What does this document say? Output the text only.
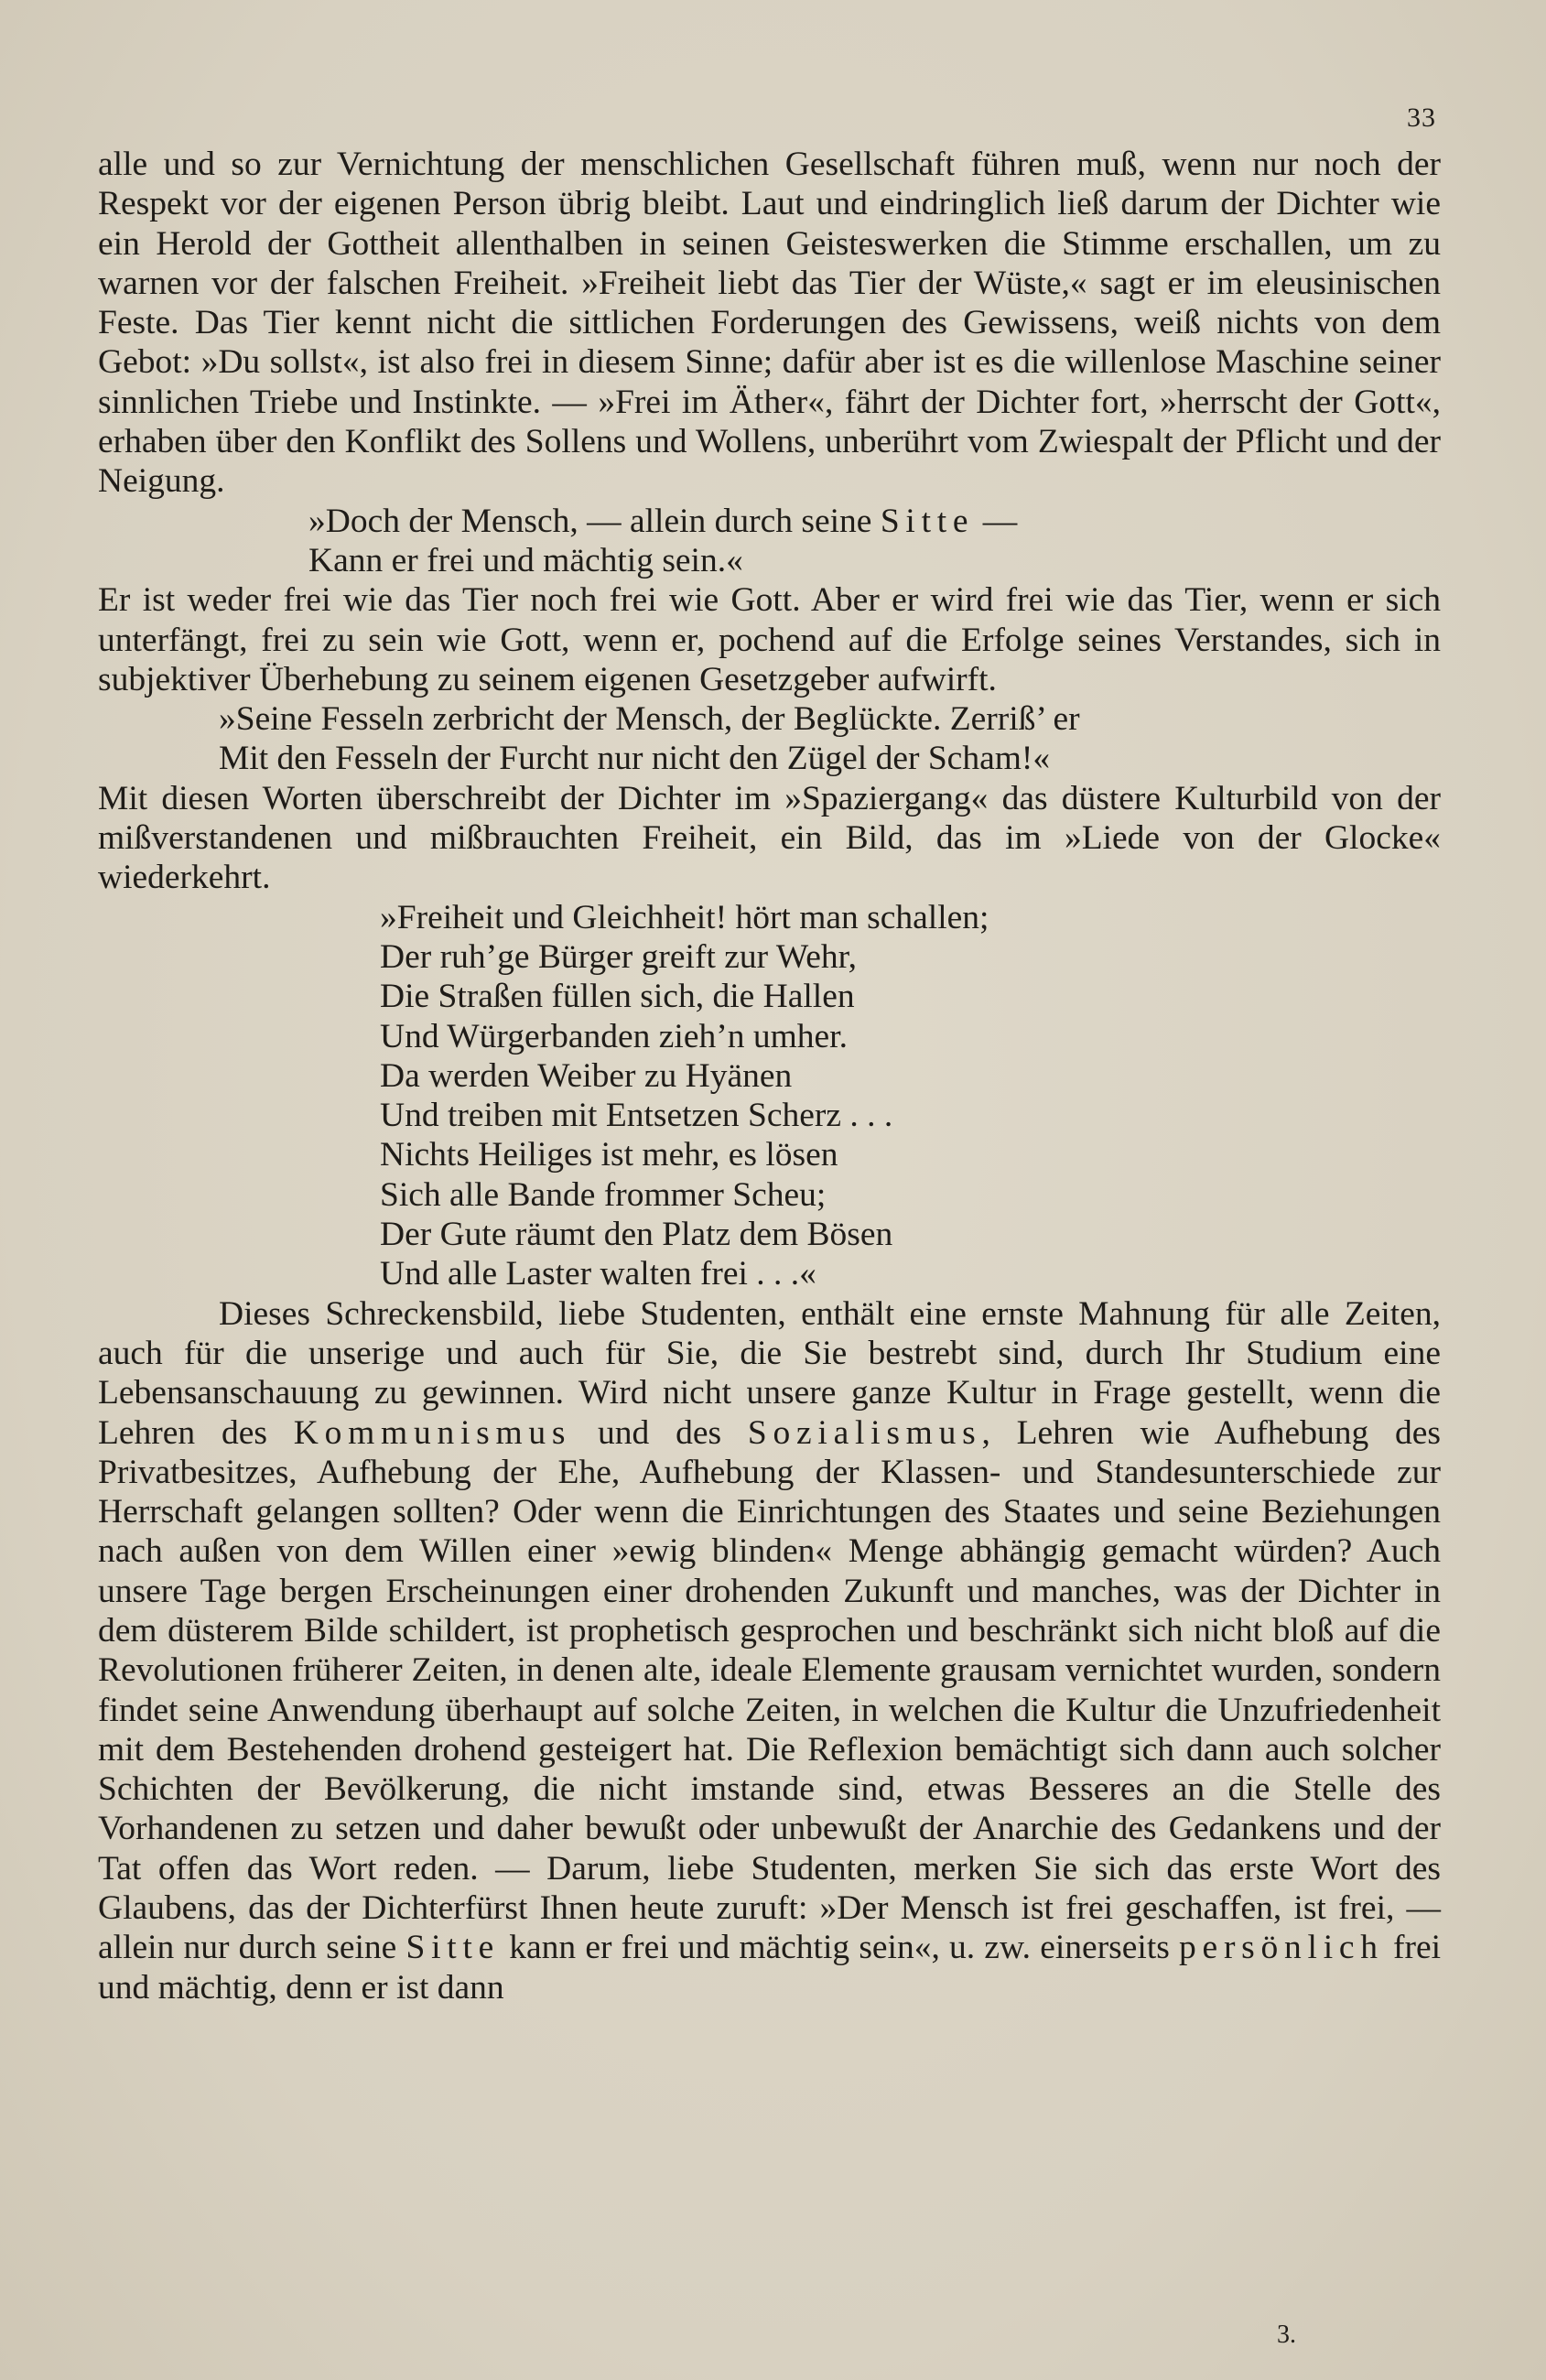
33

alle und so zur Vernichtung der menschlichen Gesellschaft führen muß, wenn nur noch der Respekt vor der eigenen Person übrig bleibt. Laut und eindringlich ließ darum der Dichter wie ein Herold der Gottheit allenthalben in seinen Geisteswerken die Stimme erschallen, um zu warnen vor der falschen Freiheit. »Freiheit liebt das Tier der Wüste,« sagt er im eleusinischen Feste. Das Tier kennt nicht die sittlichen Forderungen des Gewissens, weiß nichts von dem Gebot: »Du sollst«, ist also frei in diesem Sinne; dafür aber ist es die willenlose Maschine seiner sinnlichen Triebe und Instinkte. — »Frei im Äther«, fährt der Dichter fort, »herrscht der Gott«, erhaben über den Konflikt des Sollens und Wollens, unberührt vom Zwiespalt der Pflicht und der Neigung.

»Doch der Mensch, — allein durch seine Sitte —
Kann er frei und mächtig sein.«

Er ist weder frei wie das Tier noch frei wie Gott. Aber er wird frei wie das Tier, wenn er sich unterfängt, frei zu sein wie Gott, wenn er, pochend auf die Erfolge seines Verstandes, sich in subjektiver Überhebung zu seinem eigenen Gesetzgeber aufwirft.

»Seine Fesseln zerbricht der Mensch, der Beglückte. Zerriß’ er
Mit den Fesseln der Furcht nur nicht den Zügel der Scham!«

Mit diesen Worten überschreibt der Dichter im »Spaziergang« das düstere Kulturbild von der mißverstandenen und mißbrauchten Freiheit, ein Bild, das im »Liede von der Glocke« wiederkehrt.

»Freiheit und Gleichheit! hört man schallen;
Der ruh’ge Bürger greift zur Wehr,
Die Straßen füllen sich, die Hallen
Und Würgerbanden zieh’n umher.
Da werden Weiber zu Hyänen
Und treiben mit Entsetzen Scherz . . .
Nichts Heiliges ist mehr, es lösen
Sich alle Bande frommer Scheu;
Der Gute räumt den Platz dem Bösen
Und alle Laster walten frei . . .«

Dieses Schreckensbild, liebe Studenten, enthält eine ernste Mahnung für alle Zeiten, auch für die unserige und auch für Sie, die Sie bestrebt sind, durch Ihr Studium eine Lebensanschauung zu gewinnen. Wird nicht unsere ganze Kultur in Frage gestellt, wenn die Lehren des Kommunismus und des Sozialismus, Lehren wie Aufhebung des Privatbesitzes, Aufhebung der Ehe, Aufhebung der Klassen- und Standesunterschiede zur Herrschaft gelangen sollten? Oder wenn die Einrichtungen des Staates und seine Beziehungen nach außen von dem Willen einer »ewig blinden« Menge abhängig gemacht würden? Auch unsere Tage bergen Erscheinungen einer drohenden Zukunft und manches, was der Dichter in dem düsterem Bilde schildert, ist prophetisch gesprochen und beschränkt sich nicht bloß auf die Revolutionen früherer Zeiten, in denen alte, ideale Elemente grausam vernichtet wurden, sondern findet seine Anwendung überhaupt auf solche Zeiten, in welchen die Kultur die Unzufriedenheit mit dem Bestehenden drohend gesteigert hat. Die Reflexion bemächtigt sich dann auch solcher Schichten der Bevölkerung, die nicht imstande sind, etwas Besseres an die Stelle des Vorhandenen zu setzen und daher bewußt oder unbewußt der Anarchie des Gedankens und der Tat offen das Wort reden. — Darum, liebe Studenten, merken Sie sich das erste Wort des Glaubens, das der Dichterfürst Ihnen heute zuruft: »Der Mensch ist frei geschaffen, ist frei, — allein nur durch seine Sitte kann er frei und mächtig sein«, u. zw. einerseits persönlich frei und mächtig, denn er ist dann

3.
